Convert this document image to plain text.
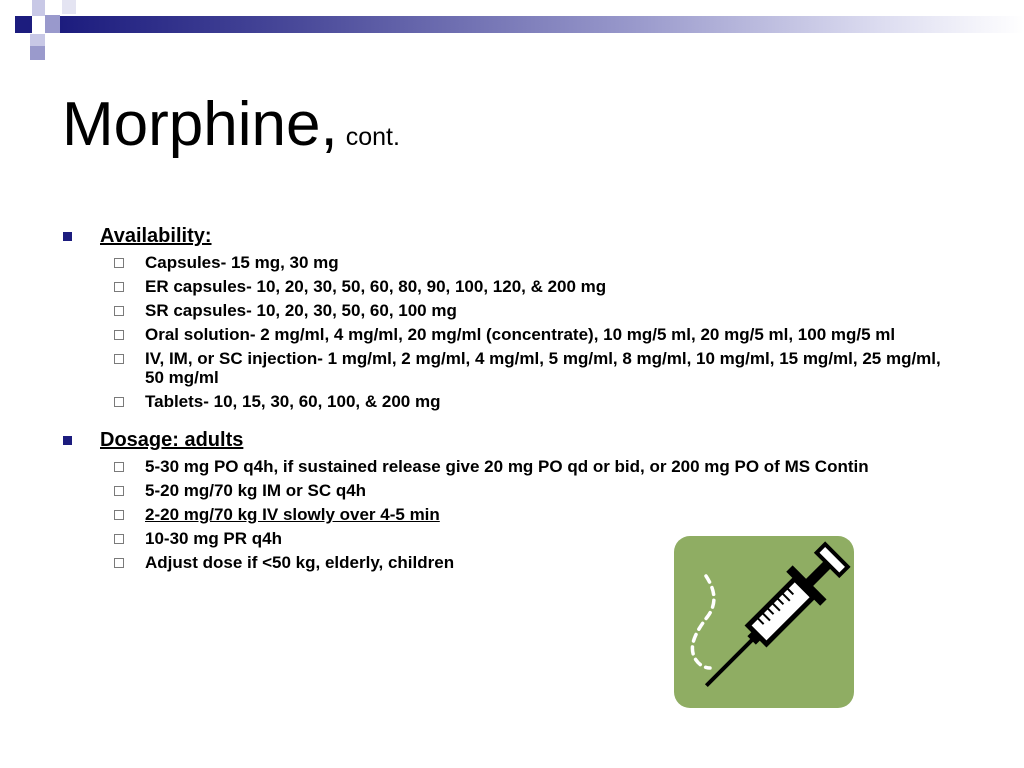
Morphine, cont.
Availability:
Capsules- 15 mg, 30 mg
ER capsules- 10, 20, 30, 50, 60, 80, 90, 100, 120, & 200 mg
SR capsules- 10, 20, 30, 50, 60, 100 mg
Oral solution- 2 mg/ml, 4 mg/ml, 20 mg/ml (concentrate), 10 mg/5 ml, 20 mg/5 ml, 100 mg/5 ml
IV, IM, or SC injection- 1 mg/ml, 2 mg/ml, 4 mg/ml, 5 mg/ml, 8 mg/ml, 10 mg/ml, 15 mg/ml, 25 mg/ml, 50 mg/ml
Tablets- 10, 15, 30, 60, 100, & 200 mg
Dosage: adults
5-30 mg PO q4h, if sustained release give 20 mg PO qd or bid, or 200 mg PO of MS Contin
5-20 mg/70 kg IM or SC q4h
2-20 mg/70 kg IV slowly over 4-5 min
10-30 mg PR q4h
Adjust dose if <50 kg, elderly, children
